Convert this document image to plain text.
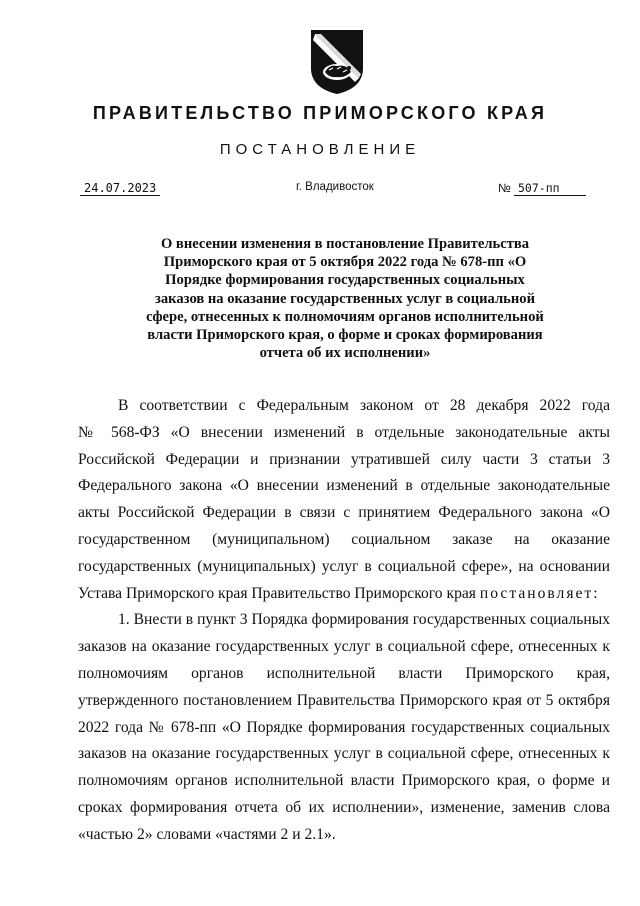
ПРАВИТЕЛЬСТВО ПРИМОРСКОГО КРАЯ
ПОСТАНОВЛЕНИЕ
24.07.2023	г. Владивосток	№ 507-пп
О внесении изменения в постановление Правительства
Приморского края от 5 октября 2022 года № 678-пп «О
Порядке формирования государственных социальных
заказов на оказание государственных услуг в социальной
сфере, отнесенных к полномочиям органов исполнительной
власти Приморского края, о форме и сроках формирования
отчета об их исполнении»
В соответствии с Федеральным законом от 28 декабря 2022 года
№ 568-ФЗ «О внесении изменений в отдельные законодательные акты
Российской Федерации и признании утратившей силу части 3 статьи 3
Федерального закона «О внесении изменений в отдельные законодательные
акты Российской Федерации в связи с принятием Федерального закона «О
государственном (муниципальном) социальном заказе на оказание
государственных (муниципальных) услуг в социальной сфере», на основании
Устава Приморского края Правительство Приморского края постановляет:
1. Внести в пункт 3 Порядка формирования государственных социальных
заказов на оказание государственных услуг в социальной сфере, отнесенных к
полномочиям органов исполнительной власти Приморского края,
утвержденного постановлением Правительства Приморского края от 5 октября
2022 года № 678-пп «О Порядке формирования государственных социальных
заказов на оказание государственных услуг в социальной сфере, отнесенных к
полномочиям органов исполнительной власти Приморского края, о форме и
сроках формирования отчета об их исполнении», изменение, заменив слова
«частью 2» словами «частями 2 и 2.1».
